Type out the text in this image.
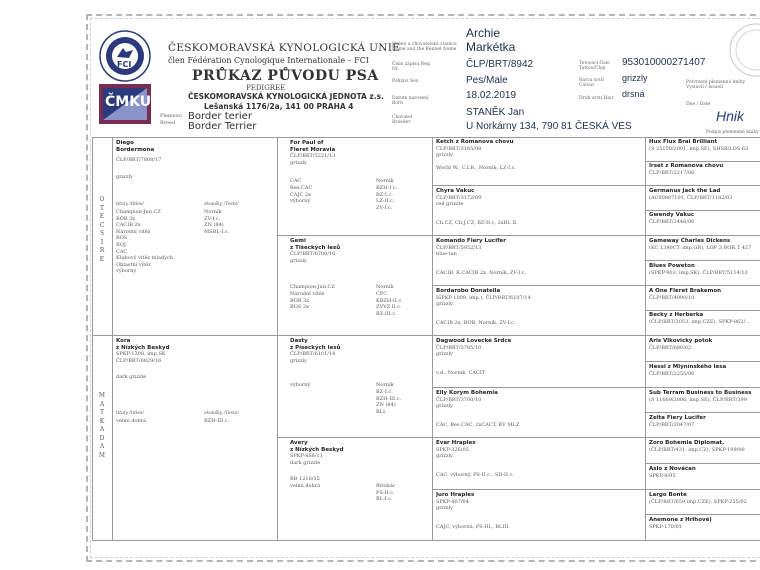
FCI
ČMKU
ČESKOMORAVSKÁ KYNOLOGICKÁ UNIE
člen Fédération Cynologique Internationale – FCI
PRŮKAZ PŮVODU PSA
PEDIGREE
ČESKOMORAVSKÁ KYNOLOGICKÁ JEDNOTA z.s.
Lešanská 1176/2a, 141 00 PRAHA 4
Plemeno
Breed
Border terier
Border Terrier
Jméno a chovatelská stanice Name and the Kennel Name
Číslo zápisu Reg. Nr.
Pohlaví Sex
Datum narození Born
Chovatel Breeder
Tetovací číslo Tattoo/Chip
Barva srsti Colour
Druh srsti Hair
Potvrzení plemenné knihy Vystavil / Issued
Dne / Date
Podpis plemenné knihy
Archie
Markétka
ČLP/BRT/8942
Pes/Male
18.02.2019
STANĚK Jan
U Norkárny 134, 790 81 ČESKÁ VES
953010000271407
grizzly
drsná
Hnik
O T E C S I R E
M A T K A D A M
Diego
Bordermona
ČLP/BRT/7808/17
grizzly
tituly /titles/
Champion-Jun.CZ
BOB 3x
CACIB 2x
Národní vítěz
BOS
BOJ
CAC
Klubový vítěz mladých
Oblastní vítěz
výborný
zkoušky /Tests/
Norník
ZV-I.c.
ZN (84)
MSBL-I.c.
Kora
z Nízkých Beskyd
SPKP-1308, imp.SK
ČLP/BRT/6829/16
dark grizzle
tituly /titles/
velmi dobrá
zkoušky /Tests/
BZH-III.c.
For Paul of
Fleret Moravia
ČLP/BRT/5221/13
grizzly
CAC
Res.CAC
CAJC 2x
výborný
Norník
BZH-I.c.
BZ-I.c.
LZ-II.c.
ZV-I.c.
Gemi
z Tišeckých lesů
ČLP/BRT/6700/16
grizzly
Champion-Jun.CZ
Národní vítěz
BOB 3x
BOS 2x
Norník
CPC
KBZH-II.c.
ZVVZ II.c.
BZ-III.c.
Dasty
z Píseckých lesů
ČLP/BRT/6101/14
grizzly
výborný	Norník
BZ-I.c.
BZH-III.c.
ZN (84)
BLL
Avery
z Nízkých Beskyd
SPKP-888/11
dark grizzle
RB 1216/15
velmi dobrá	Brlohár
PS-II.c.
BL-I.c.
Ketch z Romanova chovu
ČLP/BRT/3165/08
grizzly
World W., C.I.B., Norník, LZ-I.c.
Chyra Vakuc
ČLP/BRT/3172/09
red grizzle
Ch.CZ, Ch.J.CZ, BZ-II.c, 2xBL II.
Komando Fiery Lucifer
ČLP/BRT/5952/13
blue-tan
CACIB, R.CACIB 2x, Norník, ZV-I.c.
Bordarobo Donatella
ISPKP-1009, imp.), ČLP/BRT/6107/14
grizzly
CACIB 2x, BOB, Norník, ZV-I.c.
Dagwood Lovecké Srdce
ČLP/BRT/3785/10
grizzly
v.d., Norník, CACIT
Elly Korym Bohemia
ČLP/BRT/3700/10
grizzly
CAC, Res.CAC, 2xCACT, KV MLZ
Evar Hraples
SPKP-326/05
grizzly
CAC, výborný, PS-II.c., SD-II.c.
Juro Hraples
SPKP-407/04
grizzly
CAJC, výborná, PS-III., BLIII.
Hux Flux Brai Brilliant
(S 25150/2001, imp.SE), SHSB/LOS 63
Irset z Romanova chovu
ČLP/BRT/2217/06
Germanus Jack the Lad
(AC00887101, ČLP/BRT/1182/03
Gwendy Vakuc
ČLP/BRT/2446/06
Gameway Charles Dickens
(KC 1390CT, imp.GB), LOF 3 BOR.T 427
Blues Poweton
(SPKP-903, imp.SK), ČLP/BRT/5114/13
A One Fleret Brakemon
ČLP/BRT/4090/10
Becky z Herberka
(ČLP/BRT/3053, imp.CZE), SPKP-862/...
Aris Vlkovický potok
ČLP/BRT/680/02
Hessi z Mlýnínského lesa
ČLP/BRT/2255/06
Sub Terram Business to Business
(S 11669/2006, imp.SE), ČLP/BRT/399
Zelta Fiery Lucifer
ČLP/BRT/2047/07
Zoro Bohemia Diplomat.
(ČLP/BRT/431, imp.CZ), SPKP-199/00
Aslo z Nováčan
SPKP-8/95
Largo Bonte
(ČLP/BRT/659,imp.CZE), SPKP-255/02
Anemone z Hrlhové)
SPKP-170/01
